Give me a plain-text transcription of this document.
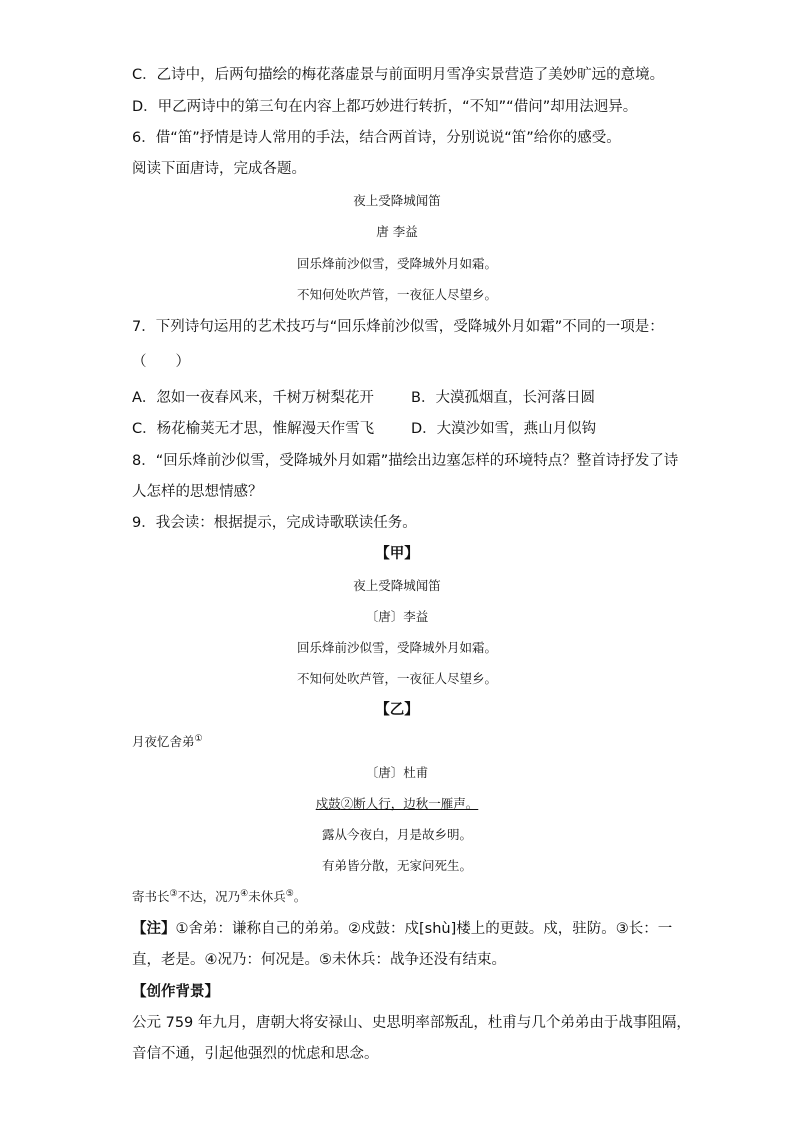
C．乙诗中，后两句描绘的梅花落虚景与前面明月雪净实景营造了美妙旷远的意境。
D．甲乙两诗中的第三句在内容上都巧妙进行转折，“不知”“借问”却用法迥异。
6．借“笛”抒情是诗人常用的手法，结合两首诗，分别说说“笛”给你的感受。
阅读下面唐诗，完成各题。
夜上受降城闻笛
唐 李益
回乐烽前沙似雪，受降城外月如霜。
不知何处吹芦管，一夜征人尽望乡。
7．下列诗句运用的艺术技巧与“回乐烽前沙似雪，受降城外月如霜”不同的一项是：
（　　）
A．忽如一夜春风来，千树万树梨花开	B．大漠孤烟直，长河落日圆
C．杨花榆荚无才思，惟解漫天作雪飞	D．大漠沙如雪，燕山月似钩
8．“回乐烽前沙似雪，受降城外月如霜”描绘出边塞怎样的环境特点？整首诗抒发了诗
人怎样的思想情感？
9．我会读：根据提示，完成诗歌联读任务。
【甲】
夜上受降城闻笛
〔唐〕李益
回乐烽前沙似雪，受降城外月如霜。
不知何处吹芦管，一夜征人尽望乡。
【乙】
月夜忆舍弟①
〔唐〕杜甫
戍鼓②断人行，边秋一雁声。
露从今夜白，月是故乡明。
有弟皆分散，无家问死生。
寄书长③不达，况乃④未休兵⑤。
【注】①舍弟：谦称自己的弟弟。②戍鼓：戍[shù]楼上的更鼓。戍，驻防。③长：一
直，老是。④况乃：何况是。⑤未休兵：战争还没有结束。
【创作背景】
公元 759 年九月，唐朝大将安禄山、史思明率部叛乱，杜甫与几个弟弟由于战事阻隔，
音信不通，引起他强烈的忧虑和思念。
